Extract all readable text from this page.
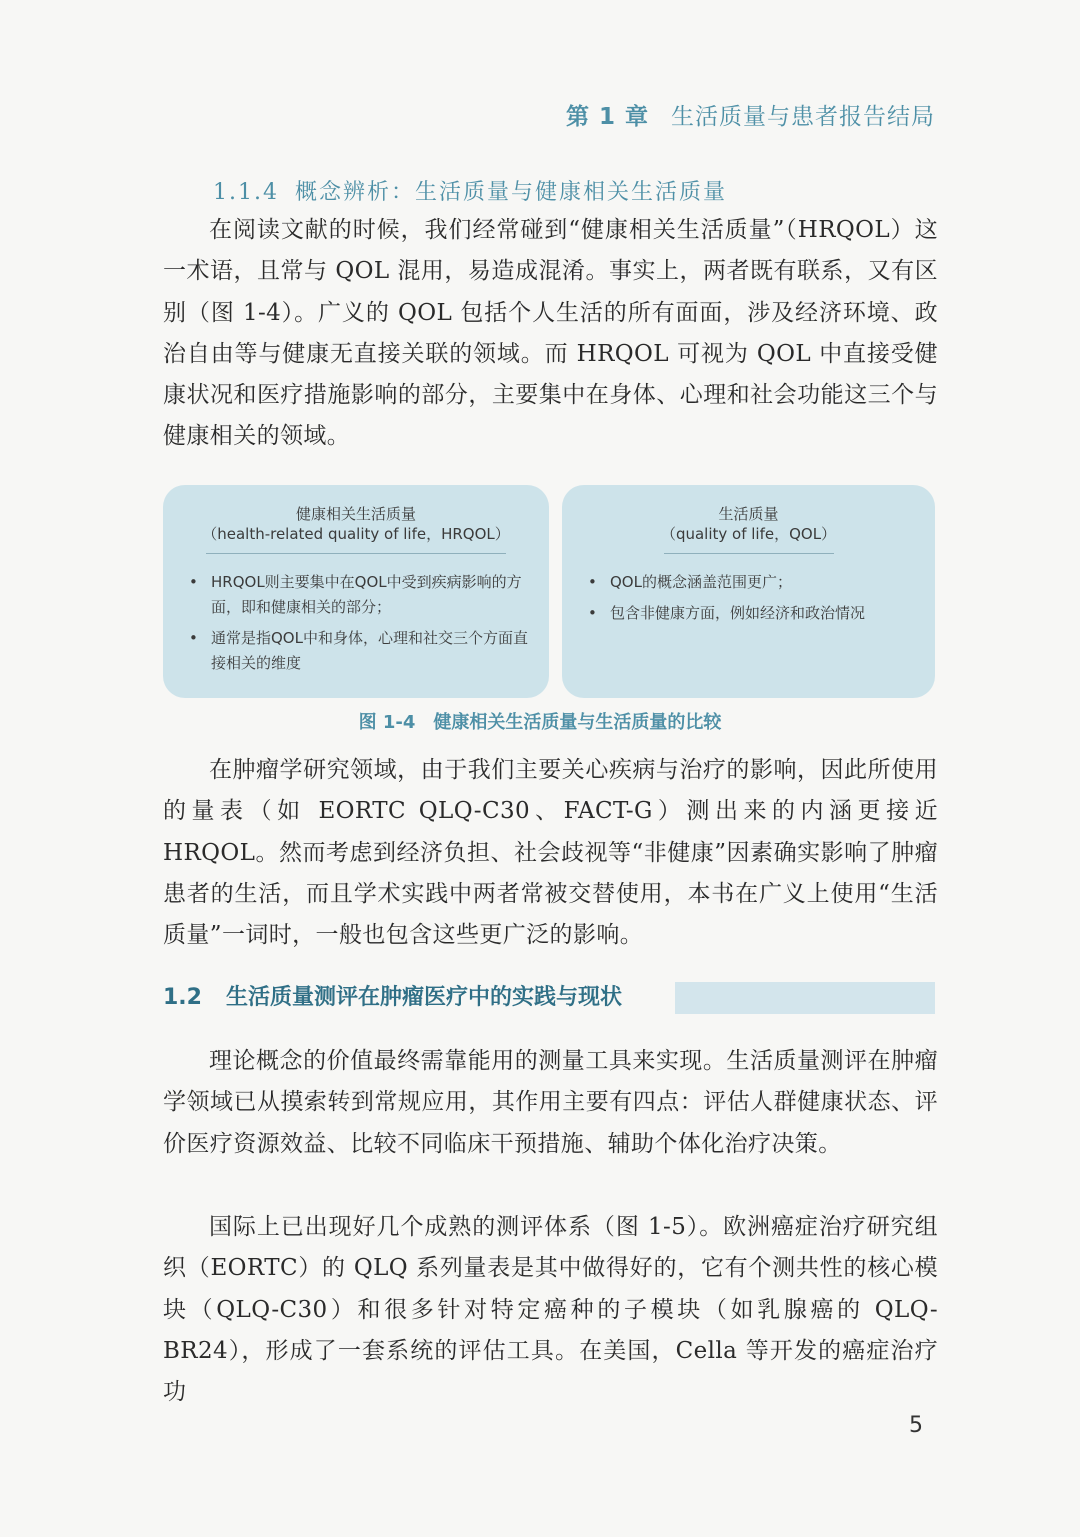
第 1 章 生活质量与患者报告结局
1.1.4 概念辨析：生活质量与健康相关生活质量

在阅读文献的时候，我们经常碰到“健康相关生活质量”（HRQOL）这一术语，且常与 QOL 混用，易造成混淆。事实上，两者既有联系，又有区别（图 1-4）。广义的 QOL 包括个人生活的所有面面，涉及经济环境、政治自由等与健康无直接关联的领域。而 HRQOL 可视为 QOL 中直接受健康状况和医疗措施影响的部分，主要集中在身体、心理和社会功能这三个与健康相关的领域。

健康相关生活质量
（health-related quality of life，HRQOL）
• HRQOL则主要集中在QOL中受到疾病影响的方面，即和健康相关的部分；
• 通常是指QOL中和身体，心理和社交三个方面直接相关的维度
生活质量
（quality of life，QOL）
• QOL的概念涵盖范围更广；
• 包含非健康方面，例如经济和政治情况
图 1-4 健康相关生活质量与生活质量的比较

在肿瘤学研究领域，由于我们主要关心疾病与治疗的影响，因此所使用的量表（如 EORTC QLQ-C30、FACT-G）测出来的内涵更接近 HRQOL。然而考虑到经济负担、社会歧视等“非健康”因素确实影响了肿瘤患者的生活，而且学术实践中两者常被交替使用，本书在广义上使用“生活质量”一词时，一般也包含这些更广泛的影响。

1.2 生活质量测评在肿瘤医疗中的实践与现状

理论概念的价值最终需靠能用的测量工具来实现。生活质量测评在肿瘤学领域已从摸索转到常规应用，其作用主要有四点：评估人群健康状态、评价医疗资源效益、比较不同临床干预措施、辅助个体化治疗决策。

国际上已出现好几个成熟的测评体系（图 1-5）。欧洲癌症治疗研究组织（EORTC）的 QLQ 系列量表是其中做得好的，它有个测共性的核心模块（QLQ-C30）和很多针对特定癌种的子模块（如乳腺癌的 QLQ-BR24），形成了一套系统的评估工具。在美国，Cella 等开发的癌症治疗功

5
